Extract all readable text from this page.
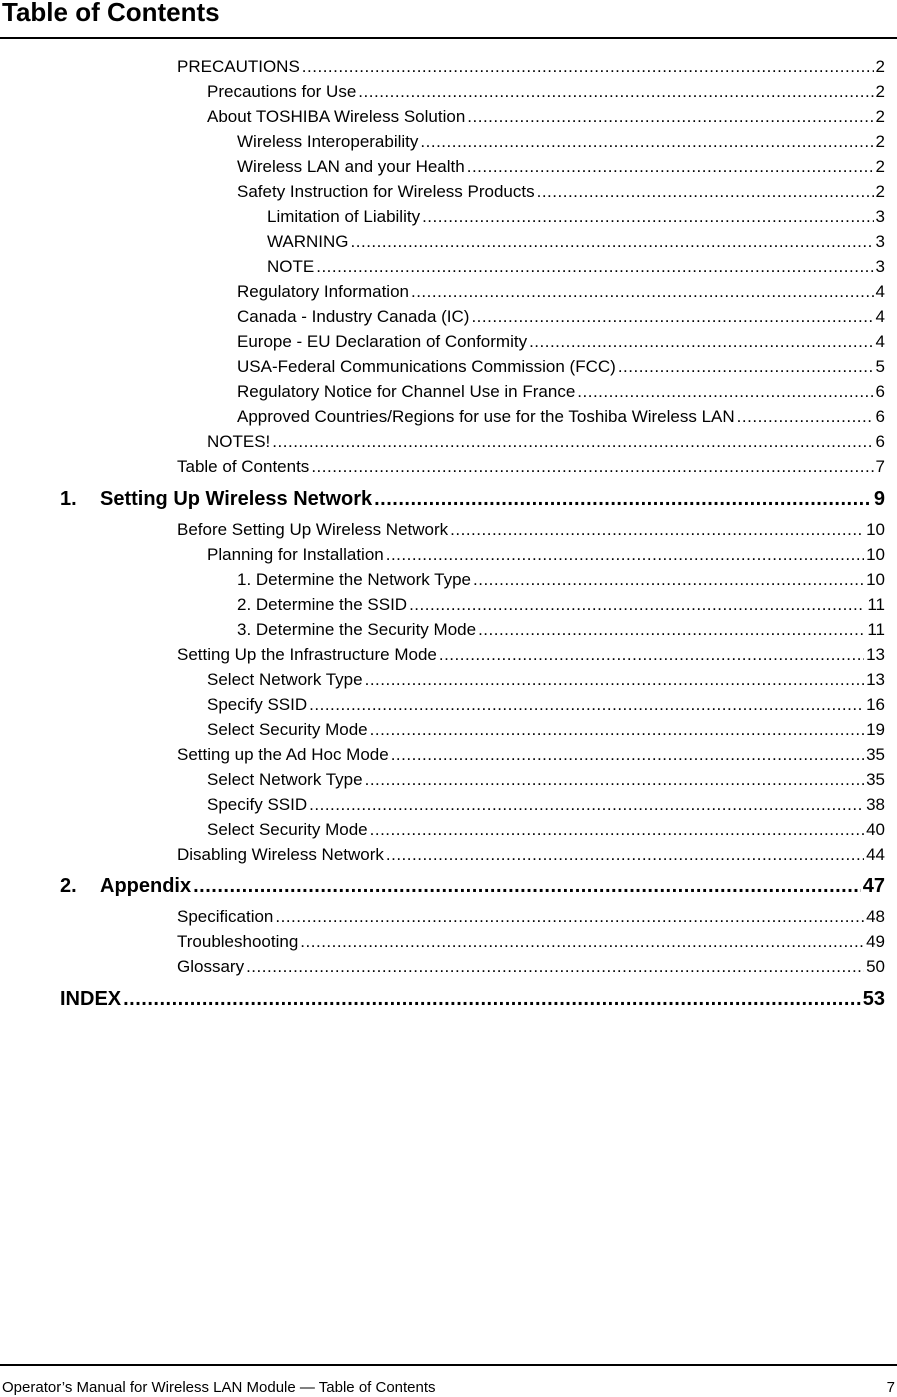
Table of Contents
PRECAUTIONS .....	2
Precautions for Use .....	2
About TOSHIBA Wireless Solution .....	2
Wireless Interoperability .....	2
Wireless LAN and your Health .....	2
Safety Instruction for Wireless Products .....	2
Limitation of Liability .....	3
WARNING .....	3
NOTE .....	3
Regulatory Information .....	4
Canada - Industry Canada (IC) .....	4
Europe - EU Declaration of Conformity .....	4
USA-Federal Communications Commission (FCC) .....	5
Regulatory Notice for Channel Use in France .....	6
Approved Countries/Regions for use for the Toshiba Wireless LAN .....	6
NOTES! .....	6
Table of Contents .....	7
1. Setting Up Wireless Network .....	9
Before Setting Up Wireless Network .....	10
Planning for Installation .....	10
1. Determine the Network Type .....	10
2. Determine the SSID .....	11
3. Determine the Security Mode .....	11
Setting Up the Infrastructure Mode .....	13
Select Network Type .....	13
Specify SSID .....	16
Select Security Mode .....	19
Setting up the Ad Hoc Mode .....	35
Select Network Type .....	35
Specify SSID .....	38
Select Security Mode .....	40
Disabling Wireless Network .....	44
2. Appendix .....	47
Specification .....	48
Troubleshooting .....	49
Glossary .....	50
INDEX .....	53
Operator’s Manual for Wireless LAN Module — Table of Contents	7
